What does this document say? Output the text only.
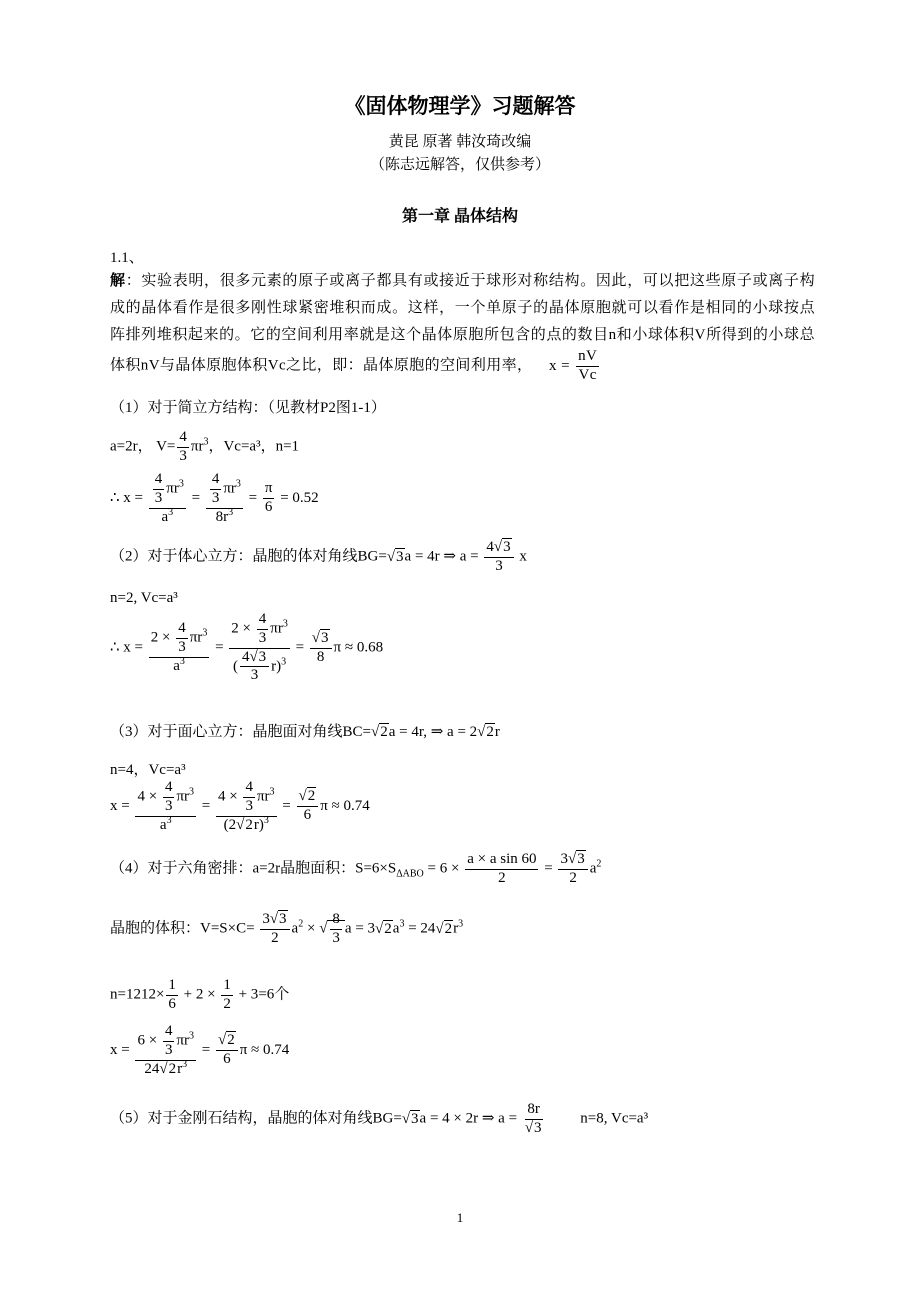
《固体物理学》习题解答
黄昆 原著 韩汝琦改编
（陈志远解答，仅供参考）
第一章 晶体结构
1.1、
解：实验表明，很多元素的原子或离子都具有或接近于球形对称结构。因此，可以把这些原子或离子构成的晶体看作是很多刚性球紧密堆积而成。这样，一个单原子的晶体原胞就可以看作是相同的小球按点阵排列堆积起来的。它的空间利用率就是这个晶体原胞所包含的点的数目n和小球体积V所得到的小球总体积nV与晶体原胞体积Vc之比，即：晶体原胞的空间利用率，    $x = \frac{nV}{Vc}$
（1）对于简立方结构：（见教材P2图1-1）
a=2r， $V= \frac{4}{3} \pi r^3$，Vc=a³，n=1
∴ $x = \frac{\frac{4}{3} \pi r^3}{a^3} = \frac{\frac{4}{3} \pi r^3}{8r^3} = \frac{\pi}{6} = 0.52$
（2）对于体心立方：晶胞的体对角线BG=√3a = 4r ⇒ $a = \frac{4√3}{3}$ x
n=2, Vc=a³
∴ $x = \frac{2 \times \frac{4}{3} \pi r^3}{a^3} = \frac{2 \times \frac{4}{3} \pi r^3}{( \frac{4√3}{3} r)^3} = \frac{√3}{8}$ π ≈ 0.68
（3）对于面心立方：晶胞面对角线BC=√2a = 4r, ⇒ a = 2√2r
n=4，Vc=a³
$x = \frac{4 \times \frac{4}{3} \pi r^3}{a^3} = \frac{4 \times \frac{4}{3} \pi r^3}{(2√2r)^3} = \frac{√2}{6}$ π ≈ 0.74
（4）对于六角密排：a=2r晶胞面积：$S=6\times S_{\Delta ABO} = 6 \times \frac{\text{a × a sin 60}}{2} = \frac{3√3}{2} a^2$
晶胞的体积：$V=S\times C= \frac{3√3}{2} a^2$ × √ $\frac{8}{3}$ $a = 3√2a^3 = 24√2r^3$
$n=1212\times \frac{1}{6} + 2 \times \frac{1}{2} + 3=6$个
$x = \frac{6 \times \frac{4}{3} \pi r^3}{24√2r^3} = \frac{√2}{6}$ π ≈ 0.74
（5）对于金刚石结构，晶胞的体对角线BG=√3a = 4 × 2r ⇒ $a = \frac{8r}{√3} n=8$, Vc=a³
1
